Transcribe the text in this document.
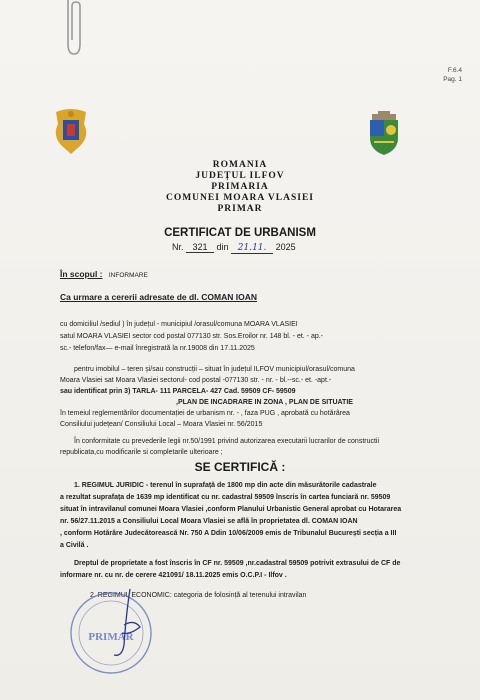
F.6.4
Pag. 1
ROMANIA
JUDEȚUL ILFOV
PRIMARIA
COMUNEI MOARA VLASIEI
PRIMAR
CERTIFICAT DE URBANISM
Nr. 321 din 21.11. 2025
În scopul : INFORMARE
Ca urmare a cererii adresate de dl. COMAN IOAN
cu domiciliul /sediul ) în județul - municipiul /orasul/comuna MOARA VLASIEI
satul MOARA VLASIEI sector cod postal 077130 str. Sos.Eroilor nr. 148 bl. - et. - ap.-
sc.- telefon/fax— e-mail înregistrată la nr.19008 din 17.11.2025
pentru imobilul – teren și/sau construcții – situat în județul ILFOV municipiul/orasul/comuna
Moara Vlasiei sat Moara Vlasiei sectorul- cod postal -077130 str. - nr. - bl.--sc.- et. -apt.-
sau identificat prin 3) TARLA- 111 PARCELA- 427 Cad. 59509 CF- 59509
,PLAN DE INCADRARE IN ZONA , PLAN DE SITUATIE
în temeiul reglementărilor documentației de urbanism nr. - , faza PUG , aprobată cu hotărârea
Consiliului județean/ Consiliului Local – Moara Vlasiei nr. 56/2015
În conformitate cu prevederile legii nr.50/1991 privind autorizarea executarii lucrarilor de constructii
republicata,cu modificarile si completarile ulterioare ;
SE CERTIFICĂ :
1. REGIMUL JURIDIC - terenul în suprafață de 1800 mp din acte din măsurătorile cadastrale
a rezultat suprafața de 1639 mp identificat cu nr. cadastral 59509 înscris în cartea funciară nr. 59509
situat în intravilanul comunei Moara Vlasiei ,conform Planului Urbanistic General aprobat cu Hotararea
nr. 56/27.11.2015 a Consiliului Local Moara Vlasiei se află în proprietatea dl. COMAN IOAN
, conform Hotărâre Judecătorească Nr. 750 A Ddin 10/06/2009 emis de Tribunalul București secția a III
a Civilă .
Dreptul de proprietate a fost înscris în CF nr. 59509 ,nr.cadastral 59509 potrivit extrasului de CF de
informare nr. cu nr. de cerere 421091/ 18.11.2025 emis O.C.P.I - Ilfov .
2. REGIMUL ECONOMIC: categoria de folosință al terenului intravilan
PRIMAR
